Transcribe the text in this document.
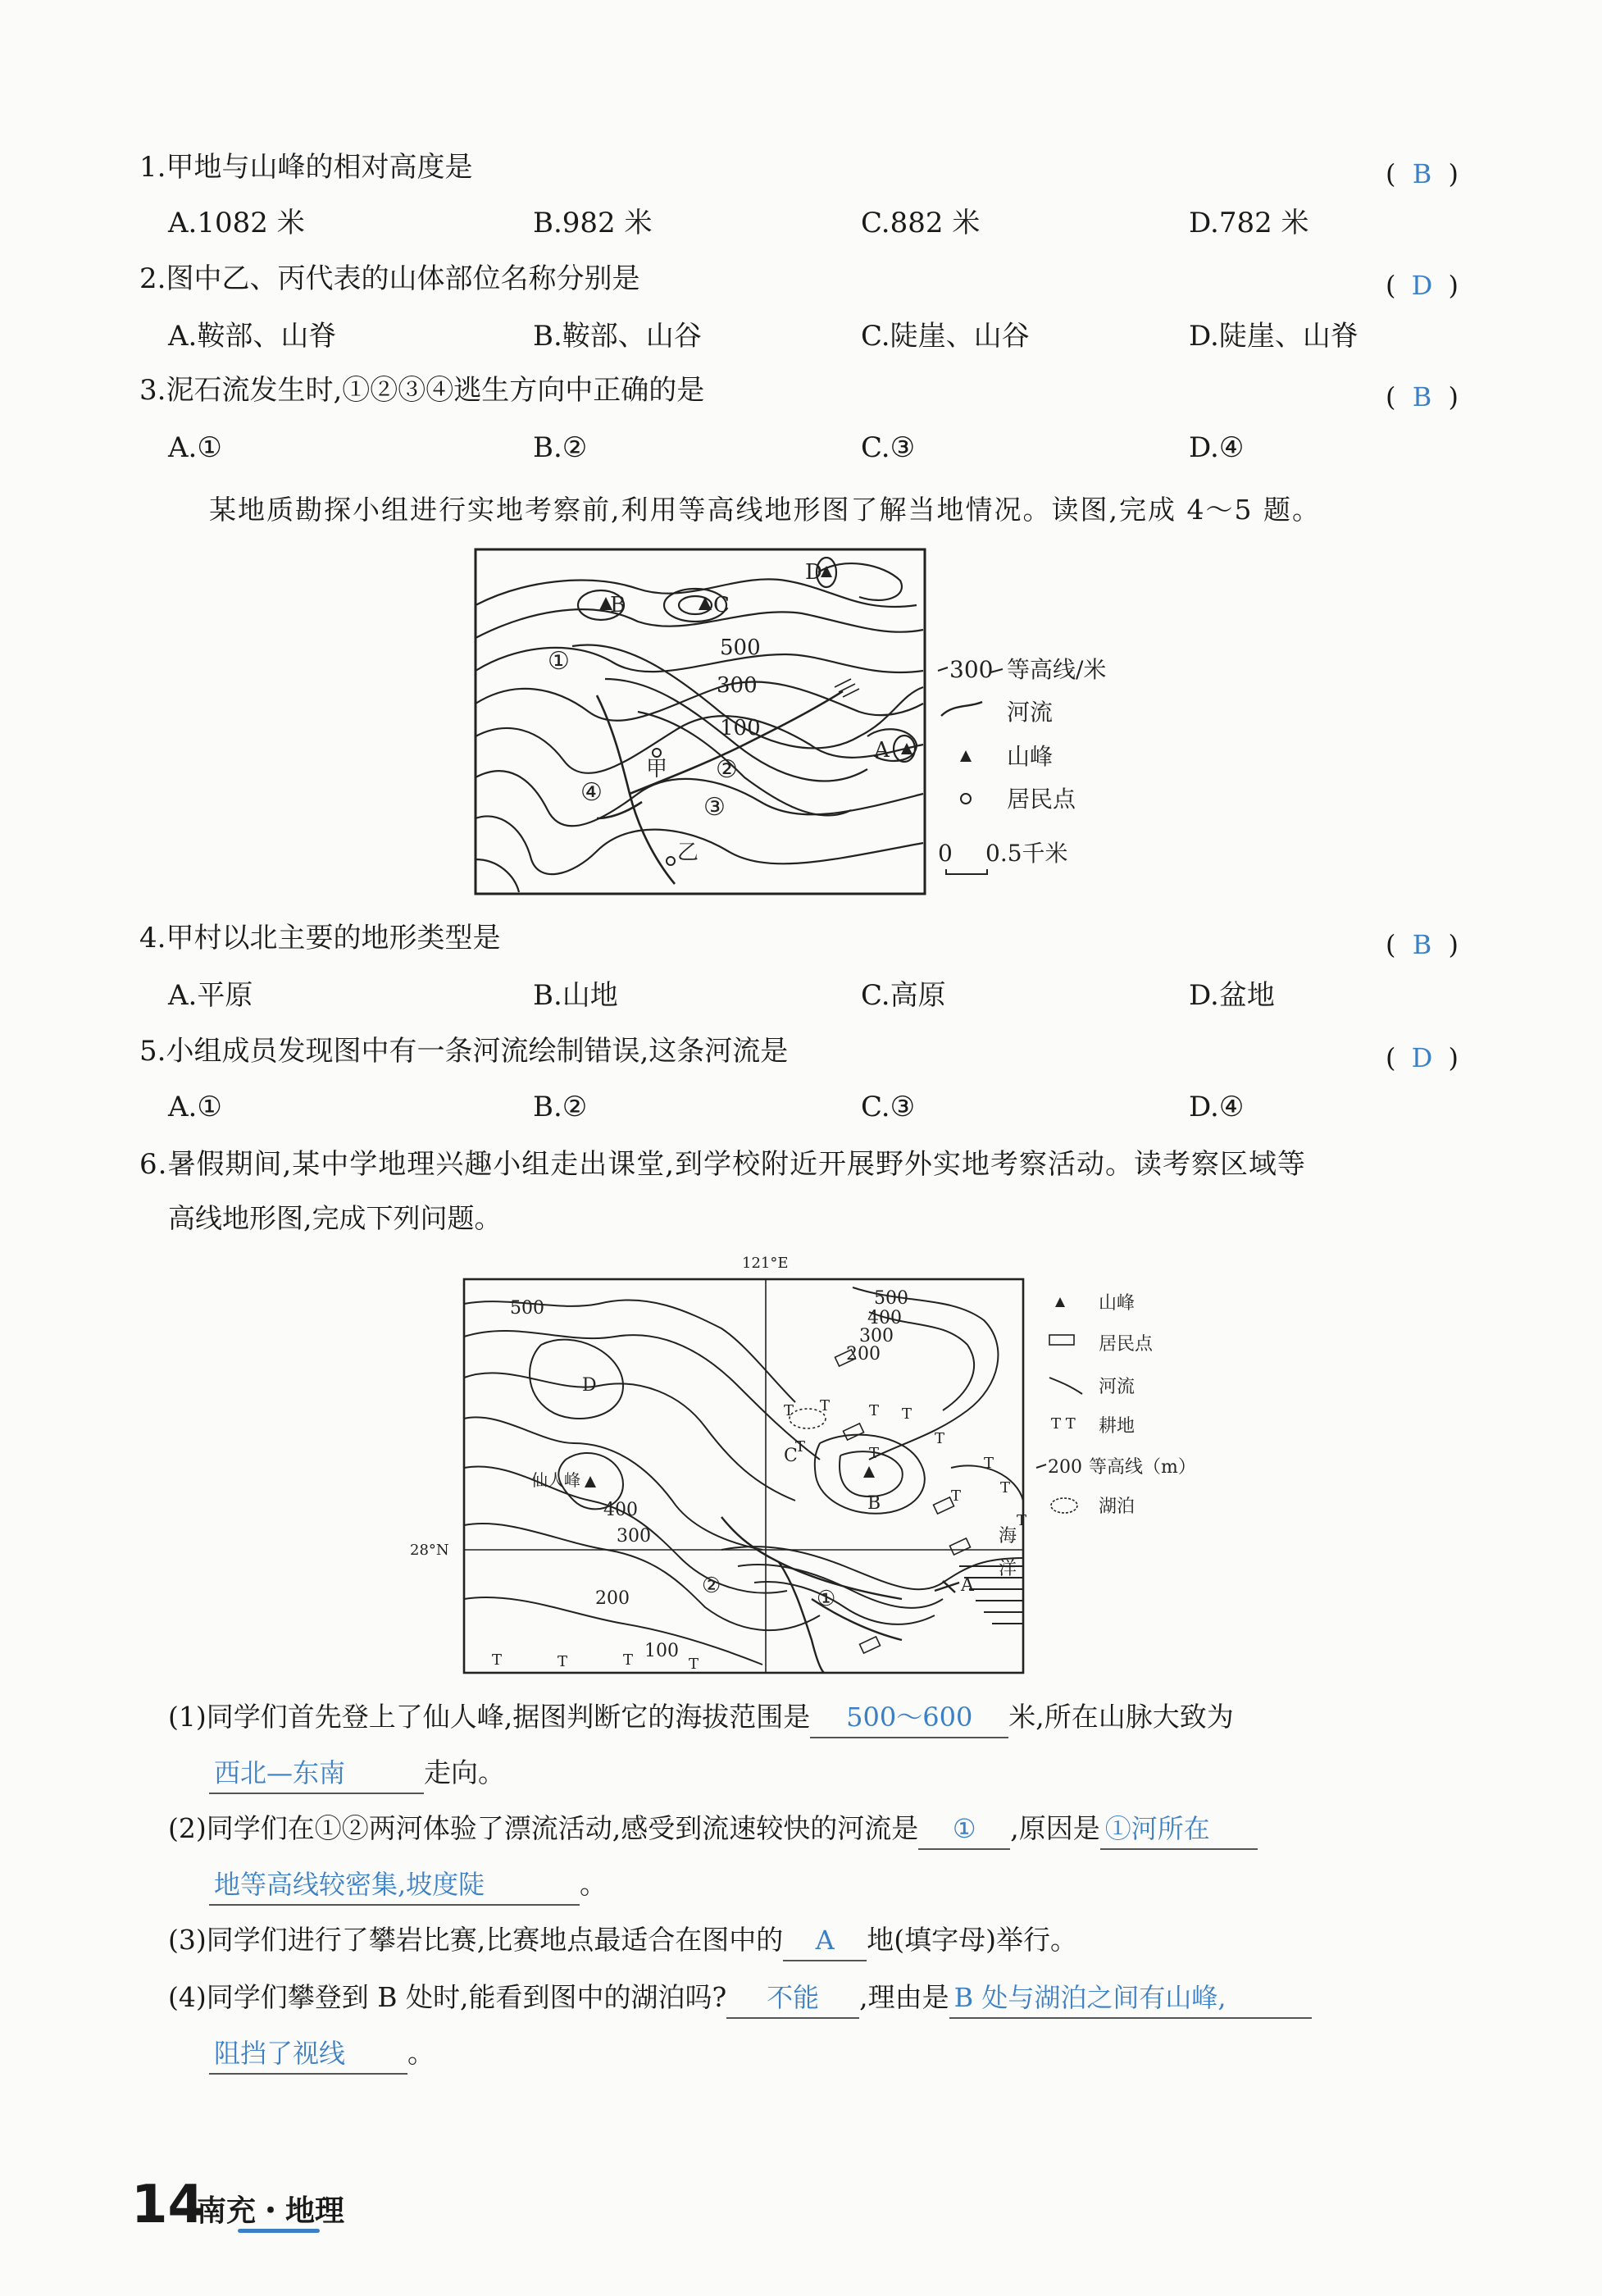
1.甲地与山峰的相对高度是	( B )
A.1082 米	B.982 米	C.882 米	D.782 米
2.图中乙、丙代表的山体部位名称分别是	( D )
A.鞍部、山脊	B.鞍部、山谷	C.陡崖、山谷	D.陡崖、山脊
3.泥石流发生时,①②③④逃生方向中正确的是	( B )
A.①	B.②	C.③	D.④
某地质勘探小组进行实地考察前,利用等高线地形图了解当地情况。读图,完成 4～5 题。
500
300
100
B	C
D
A
甲
乙
①
②
③
④
300 等高线/米
河流
山峰
居民点
0 0.5千米
4.甲村以北主要的地形类型是	( B )
A.平原	B.山地	C.高原	D.盆地
5.小组成员发现图中有一条河流绘制错误,这条河流是	( D )
A.①	B.②	C.③	D.④
6.暑假期间,某中学地理兴趣小组走出课堂,到学校附近开展野外实地考察活动。读考察区域等
高线地形图,完成下列问题。
121°E
28°N
T	T	T	T
T T	T T
T	T
T
T
T
T
T
500
500	400
300
200
400
300
200
100
D
C
B
A
仙人峰
①
②
海
洋
山峰
居民点
河流
T T 耕地
200 等高线（m）
湖泊
(1)同学们首先登上了仙人峰,据图判断它的海拔范围是 500～600 米,所在山脉大致为
西北—东南	走向。
(2)同学们在①②两河体验了漂流活动,感受到流速较快的河流是 ① ,原因是 ①河所在
地等高线较密集,坡度陡	。
(3)同学们进行了攀岩比赛,比赛地点最适合在图中的 A 地(填字母)举行。
(4)同学们攀登到 B 处时,能看到图中的湖泊吗? 不能 ,理由是 B 处与湖泊之间有山峰,
阻挡了视线 。
14
南充・地理
